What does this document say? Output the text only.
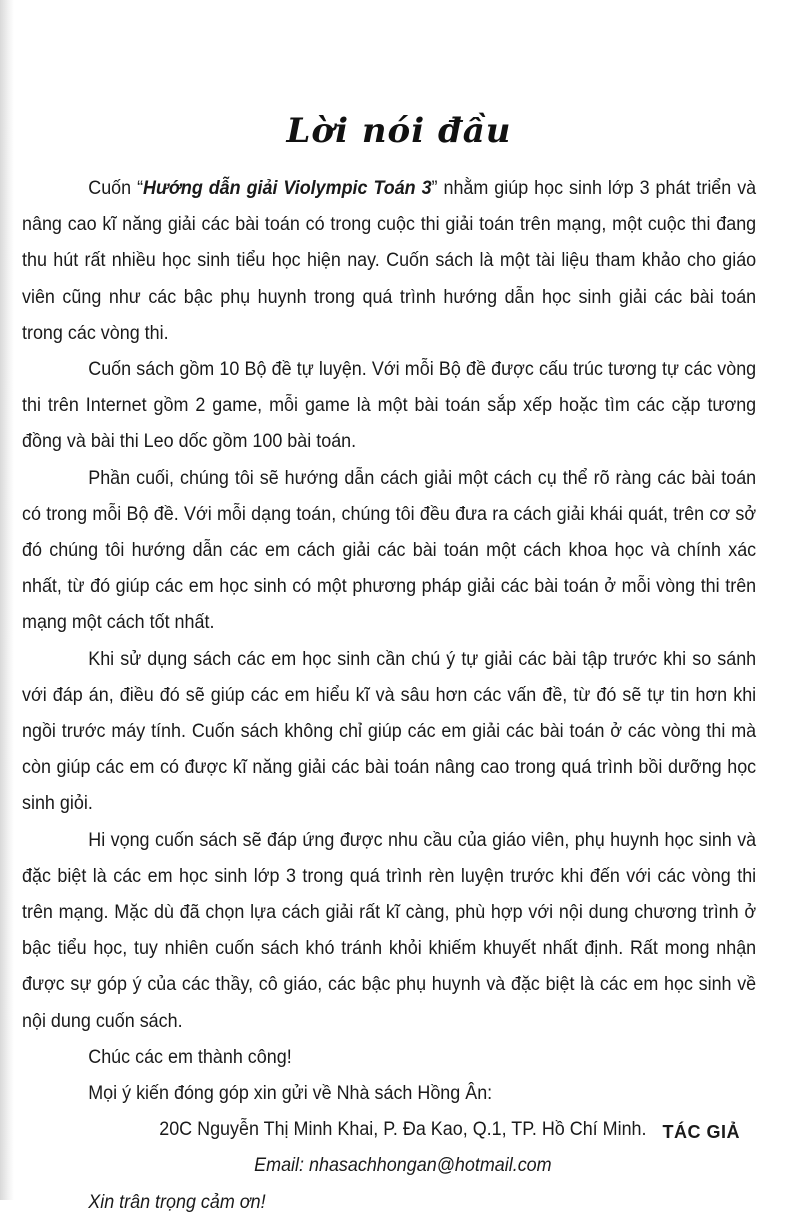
Lời nói đầu

Cuốn “Hướng dẫn giải Violympic Toán 3” nhằm giúp học sinh lớp 3 phát triển và nâng cao kĩ năng giải các bài toán có trong cuộc thi giải toán trên mạng, một cuộc thi đang thu hút rất nhiều học sinh tiểu học hiện nay. Cuốn sách là một tài liệu tham khảo cho giáo viên cũng như các bậc phụ huynh trong quá trình hướng dẫn học sinh giải các bài toán trong các vòng thi.

Cuốn sách gồm 10 Bộ đề tự luyện. Với mỗi Bộ đề được cấu trúc tương tự các vòng thi trên Internet gồm 2 game, mỗi game là một bài toán sắp xếp hoặc tìm các cặp tương đồng và bài thi Leo dốc gồm 100 bài toán.

Phần cuối, chúng tôi sẽ hướng dẫn cách giải một cách cụ thể rõ ràng các bài toán có trong mỗi Bộ đề. Với mỗi dạng toán, chúng tôi đều đưa ra cách giải khái quát, trên cơ sở đó chúng tôi hướng dẫn các em cách giải các bài toán một cách khoa học và chính xác nhất, từ đó giúp các em học sinh có một phương pháp giải các bài toán ở mỗi vòng thi trên mạng một cách tốt nhất.

Khi sử dụng sách các em học sinh cần chú ý tự giải các bài tập trước khi so sánh với đáp án, điều đó sẽ giúp các em hiểu kĩ và sâu hơn các vấn đề, từ đó sẽ tự tin hơn khi ngồi trước máy tính. Cuốn sách không chỉ giúp các em giải các bài toán ở các vòng thi mà còn giúp các em có được kĩ năng giải các bài toán nâng cao trong quá trình bồi dưỡng học sinh giỏi.

Hi vọng cuốn sách sẽ đáp ứng được nhu cầu của giáo viên, phụ huynh học sinh và đặc biệt là các em học sinh lớp 3 trong quá trình rèn luyện trước khi đến với các vòng thi trên mạng. Mặc dù đã chọn lựa cách giải rất kĩ càng, phù hợp với nội dung chương trình ở bậc tiểu học, tuy nhiên cuốn sách khó tránh khỏi khiếm khuyết nhất định. Rất mong nhận được sự góp ý của các thầy, cô giáo, các bậc phụ huynh và đặc biệt là các em học sinh về nội dung cuốn sách.

Chúc các em thành công!

Mọi ý kiến đóng góp xin gửi về Nhà sách Hồng Ân:

20C Nguyễn Thị Minh Khai, P. Đa Kao, Q.1, TP. Hồ Chí Minh.

Email: nhasachhongan@hotmail.com

Xin trân trọng cảm ơn!

TÁC GIẢ
